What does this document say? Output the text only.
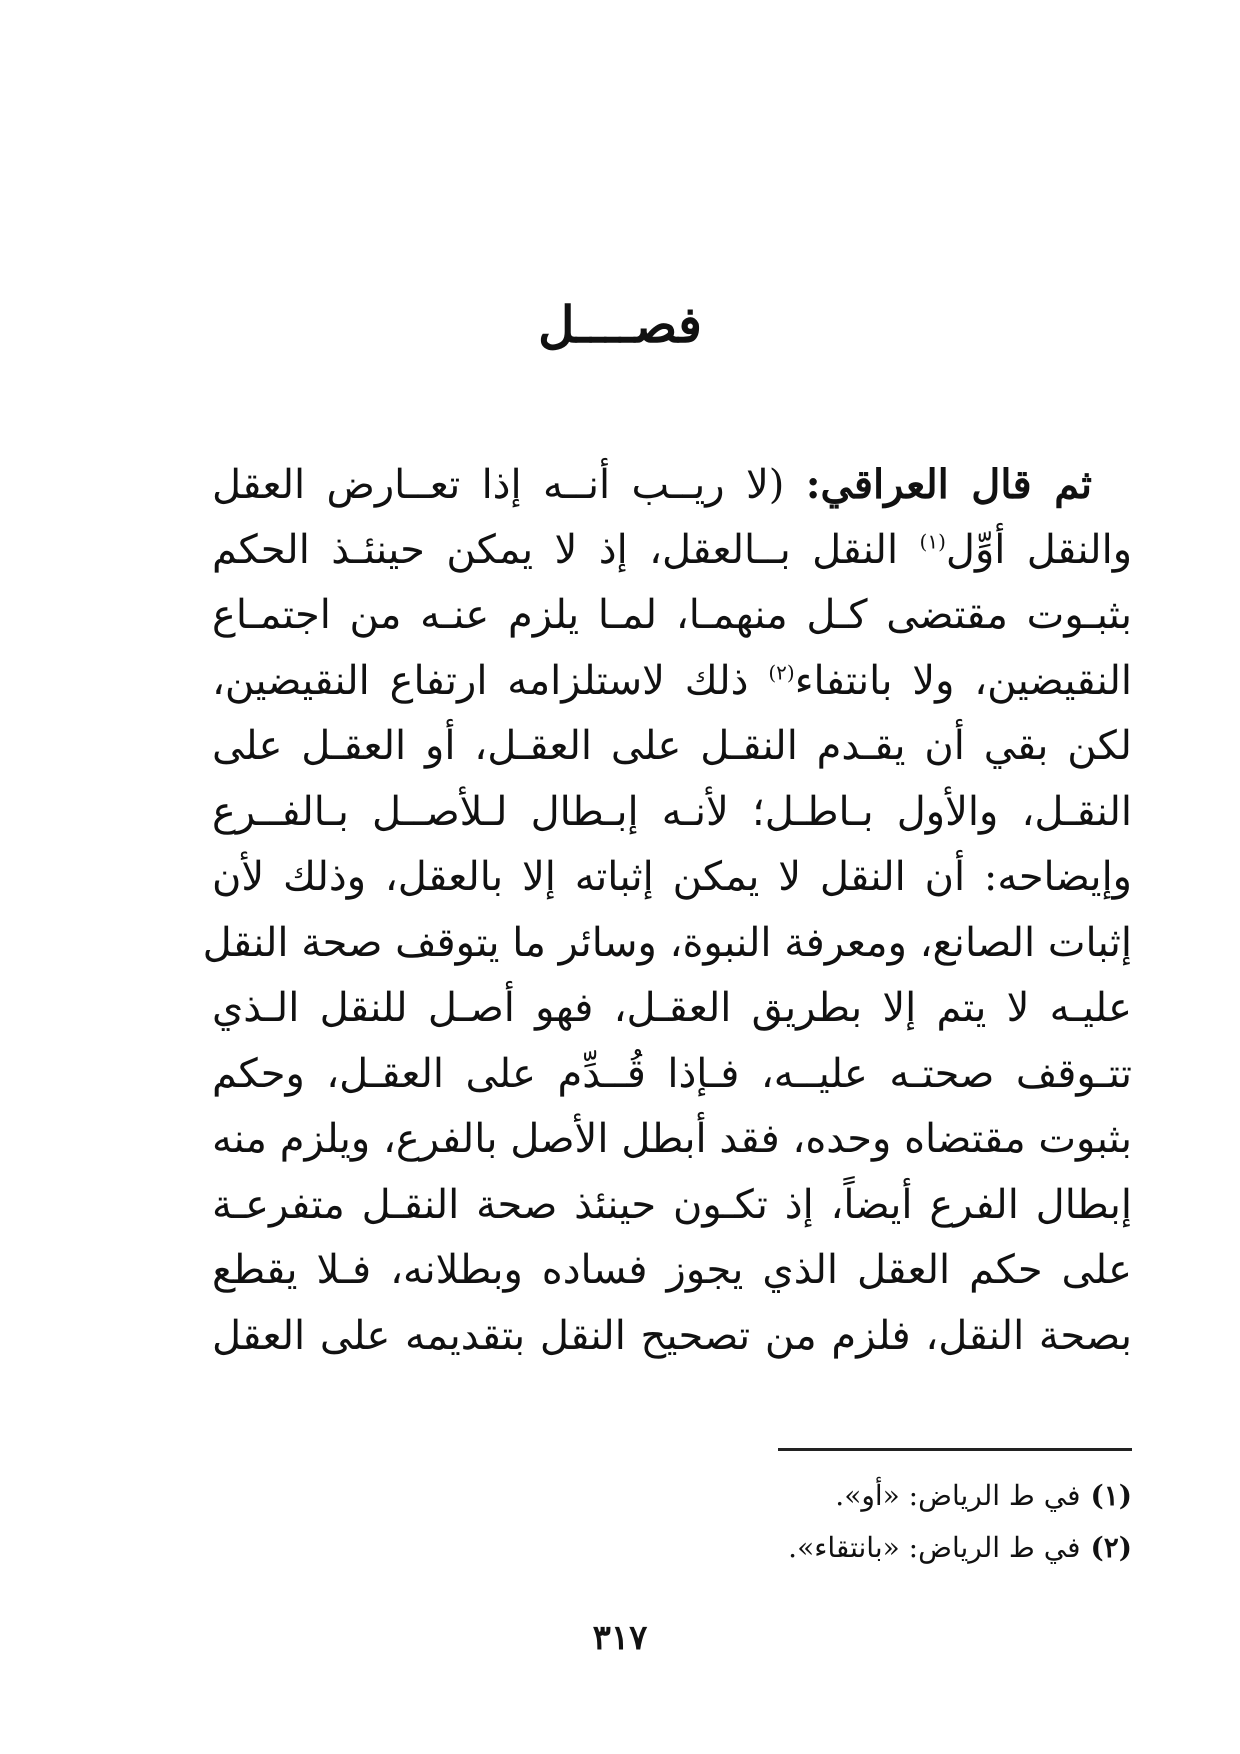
فصــــل
ثم قال العراقي: (لا ريــب أنــه إذا تعــارض العقل
والنقل أوِّل$^{(١)}$ النقل بــالعقل، إذ لا يمكن حينئـذ الحكم
بثبـوت مقتضى كـل منهمـا، لمـا يلزم عنـه من اجتمـاع
النقيضين، ولا بانتفاء$^{(٢)}$ ذلك لاستلزامه ارتفاع النقيضين،
لكن بقي أن يقـدم النقـل على العقـل، أو العقـل على
النقـل، والأول بـاطـل؛ لأنـه إبـطال لـلأصــل بـالفــرع
وإيضاحه: أن النقل لا يمكن إثباته إلا بالعقل، وذلك لأن
إثبات الصانع، ومعرفة النبوة، وسائر ما يتوقف صحة النقل
عليـه لا يتم إلا بطريق العقـل، فهو أصـل للنقل الـذي
تتـوقف صحتـه عليــه، فـإذا قُــدِّم على العقـل، وحكم
بثبوت مقتضاه وحده، فقد أبطل الأصل بالفرع، ويلزم منه
إبطال الفرع أيضاً، إذ تكـون حينئذ صحة النقـل متفرعـة
على حكم العقل الذي يجوز فساده وبطلانه، فـلا يقطع
بصحة النقل، فلزم من تصحيح النقل بتقديمه على العقل
(١)في ط الرياض: «أو».
(٢)في ط الرياض: «بانتقاء».
٣١٧
